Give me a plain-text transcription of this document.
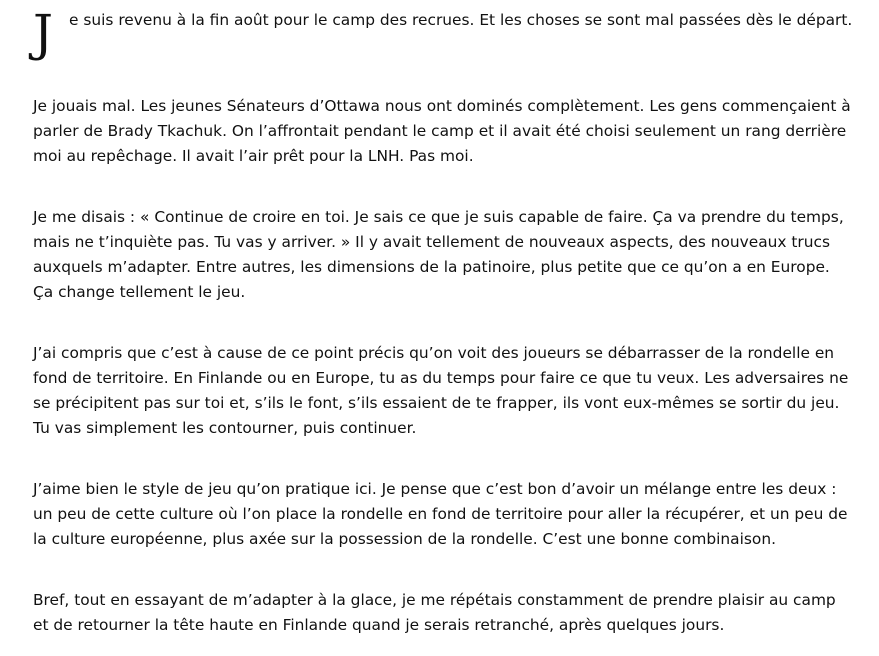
J e suis revenu à la fin août pour le camp des recrues. Et les choses se sont mal passées dès le départ.

Je jouais mal. Les jeunes Sénateurs d’Ottawa nous ont dominés complètement. Les gens commençaient à parler de Brady Tkachuk. On l’affrontait pendant le camp et il avait été choisi seulement un rang derrière moi au repêchage. Il avait l’air prêt pour la LNH. Pas moi.

Je me disais : « Continue de croire en toi. Je sais ce que je suis capable de faire. Ça va prendre du temps, mais ne t’inquiète pas. Tu vas y arriver. » Il y avait tellement de nouveaux aspects, des nouveaux trucs auxquels m’adapter. Entre autres, les dimensions de la patinoire, plus petite que ce qu’on a en Europe. Ça change tellement le jeu.

J’ai compris que c’est à cause de ce point précis qu’on voit des joueurs se débarrasser de la rondelle en fond de territoire. En Finlande ou en Europe, tu as du temps pour faire ce que tu veux. Les adversaires ne se précipitent pas sur toi et, s’ils le font, s’ils essaient de te frapper, ils vont eux-mêmes se sortir du jeu. Tu vas simplement les contourner, puis continuer.

J’aime bien le style de jeu qu’on pratique ici. Je pense que c’est bon d’avoir un mélange entre les deux : un peu de cette culture où l’on place la rondelle en fond de territoire pour aller la récupérer, et un peu de la culture européenne, plus axée sur la possession de la rondelle. C’est une bonne combinaison.

Bref, tout en essayant de m’adapter à la glace, je me répétais constamment de prendre plaisir au camp et de retourner la tête haute en Finlande quand je serais retranché, après quelques jours.
